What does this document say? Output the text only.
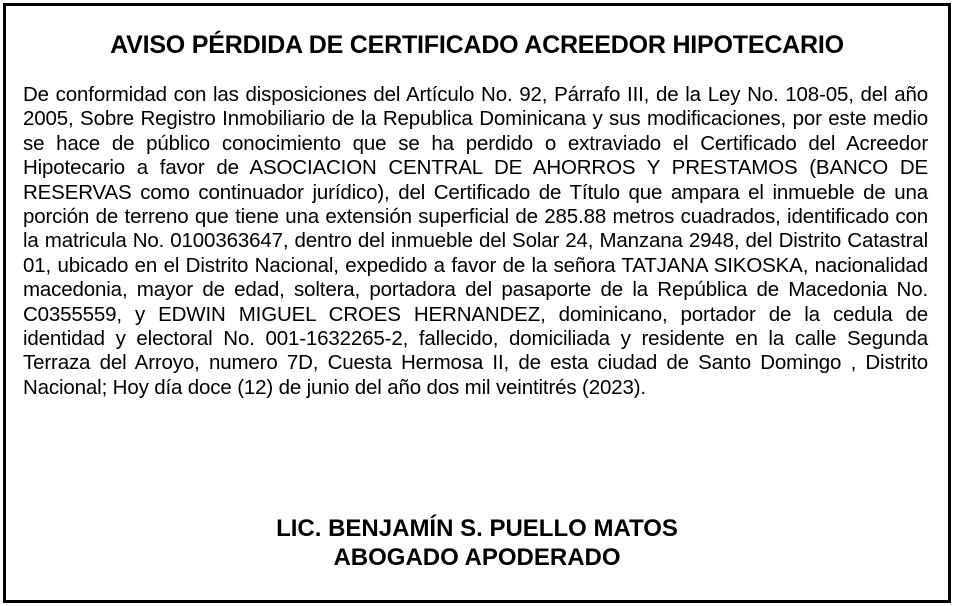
AVISO PÉRDIDA DE CERTIFICADO ACREEDOR HIPOTECARIO

De conformidad con las disposiciones del Artículo No. 92, Párrafo III, de la Ley No. 108-05, del año 2005, Sobre Registro Inmobiliario de la Republica Dominicana y sus modificaciones, por este medio se hace de público conocimiento que se ha perdido o extraviado el Certificado del Acreedor Hipotecario a favor de ASOCIACION CENTRAL DE AHORROS Y PRESTAMOS (BANCO DE RESERVAS como continuador jurídico), del Certificado de Título que ampara el inmueble de una porción de terreno que tiene una extensión superficial de 285.88 metros cuadrados, identificado con la matricula No. 0100363647, dentro del inmueble del Solar 24, Manzana 2948, del Distrito Catastral 01, ubicado en el Distrito Nacional, expedido a favor de la señora TATJANA SIKOSKA, nacionalidad macedonia, mayor de edad, soltera, portadora del pasaporte de la República de Macedonia No. C0355559, y EDWIN MIGUEL CROES HERNANDEZ, dominicano, portador de la cedula de identidad y electoral No. 001-1632265-2, fallecido, domiciliada y residente en la calle Segunda Terraza del Arroyo, numero 7D, Cuesta Hermosa II, de esta ciudad de Santo Domingo , Distrito Nacional; Hoy día doce (12) de junio del año dos mil veintitrés (2023).

LIC. BENJAMÍN S. PUELLO MATOS
ABOGADO APODERADO
